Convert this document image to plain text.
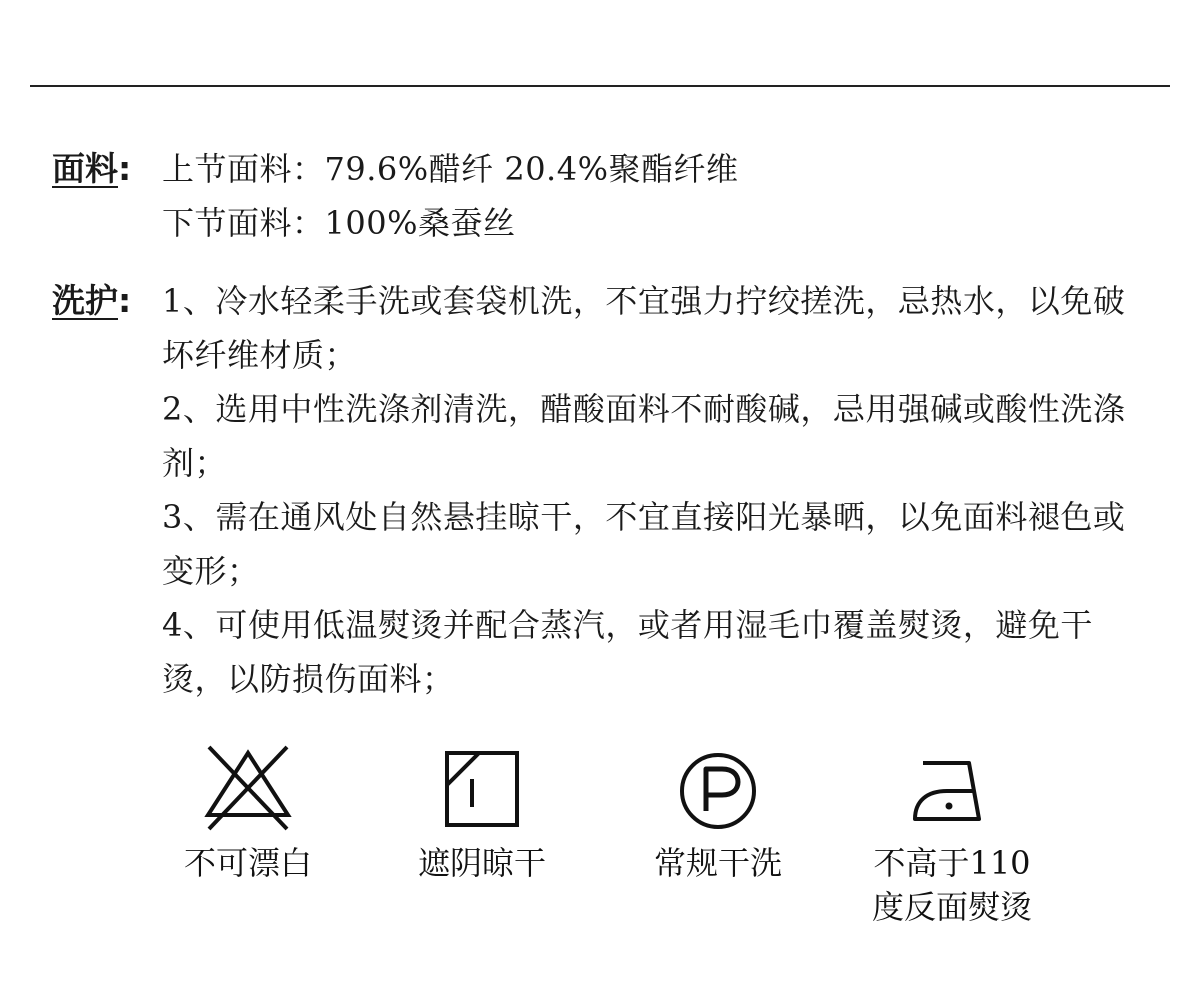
面料: 上节面料：79.6%醋纤 20.4%聚酯纤维
下节面料：100%桑蚕丝
洗护: 1、冷水轻柔手洗或套袋机洗，不宜强力拧绞搓洗，忌热水，以免破坏纤维材质；
2、选用中性洗涤剂清洗，醋酸面料不耐酸碱，忌用强碱或酸性洗涤剂；
3、需在通风处自然悬挂晾干，不宜直接阳光暴晒，以免面料褪色或变形；
4、可使用低温熨烫并配合蒸汽，或者用湿毛巾覆盖熨烫，避免干烫，以防损伤面料；
不可漂白	遮阴晾干	常规干洗	不高于110
度反面熨烫
